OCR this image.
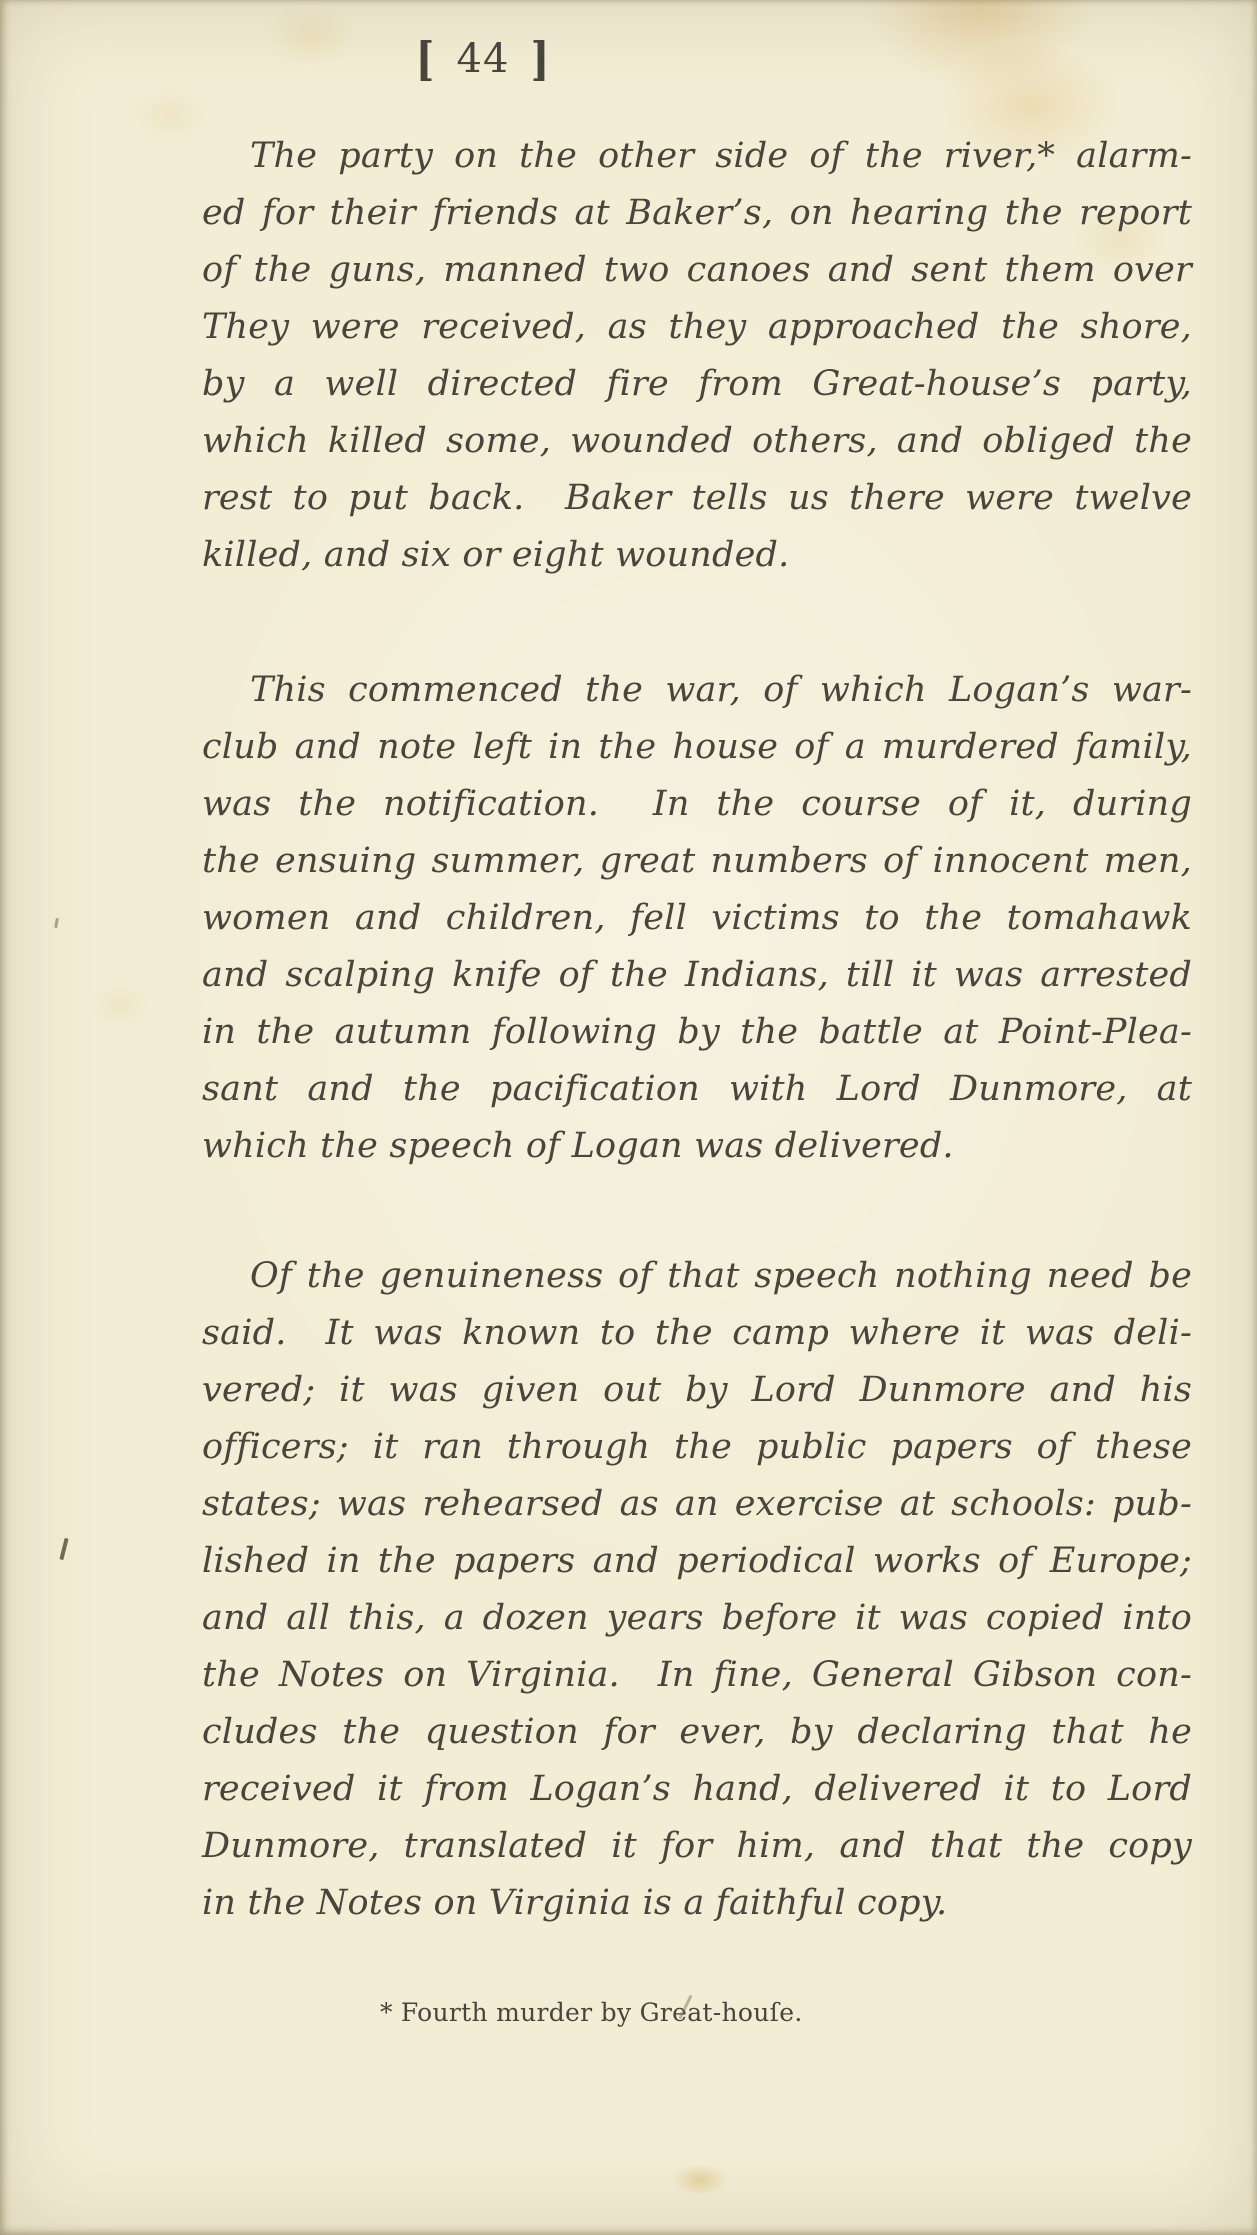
[ 44 ]
The party on the other side of the river,* alarm-
ed for their friends at Baker’s, on hearing the report
of the guns, manned two canoes and sent them over
They were received, as they approached the shore,
by a well directed fire from Great-house’s party,
which killed some, wounded others, and obliged the
rest to put back.  Baker tells us there were twelve
killed, and six or eight wounded.
This commenced the war, of which Logan’s war-
club and note left in the house of a murdered family,
was the notification.  In the course of it, during
the ensuing summer, great numbers of innocent men,
women and children, fell victims to the tomahawk
and scalping knife of the Indians, till it was arrested
in the autumn following by the battle at Point-Plea-
sant and the pacification with Lord Dunmore, at
which the speech of Logan was delivered.
Of the genuineness of that speech nothing need be
said.  It was known to the camp where it was deli-
vered; it was given out by Lord Dunmore and his
officers; it ran through the public papers of these
states; was rehearsed as an exercise at schools: pub-
lished in the papers and periodical works of Europe;
and all this, a dozen years before it was copied into
the Notes on Virginia.  In fine, General Gibson con-
cludes the question for ever, by declaring that he
received it from Logan’s hand, delivered it to Lord
Dunmore, translated it for him, and that the copy
in the Notes on Virginia is a faithful copy.
* Fourth murder by Great-houſe.
